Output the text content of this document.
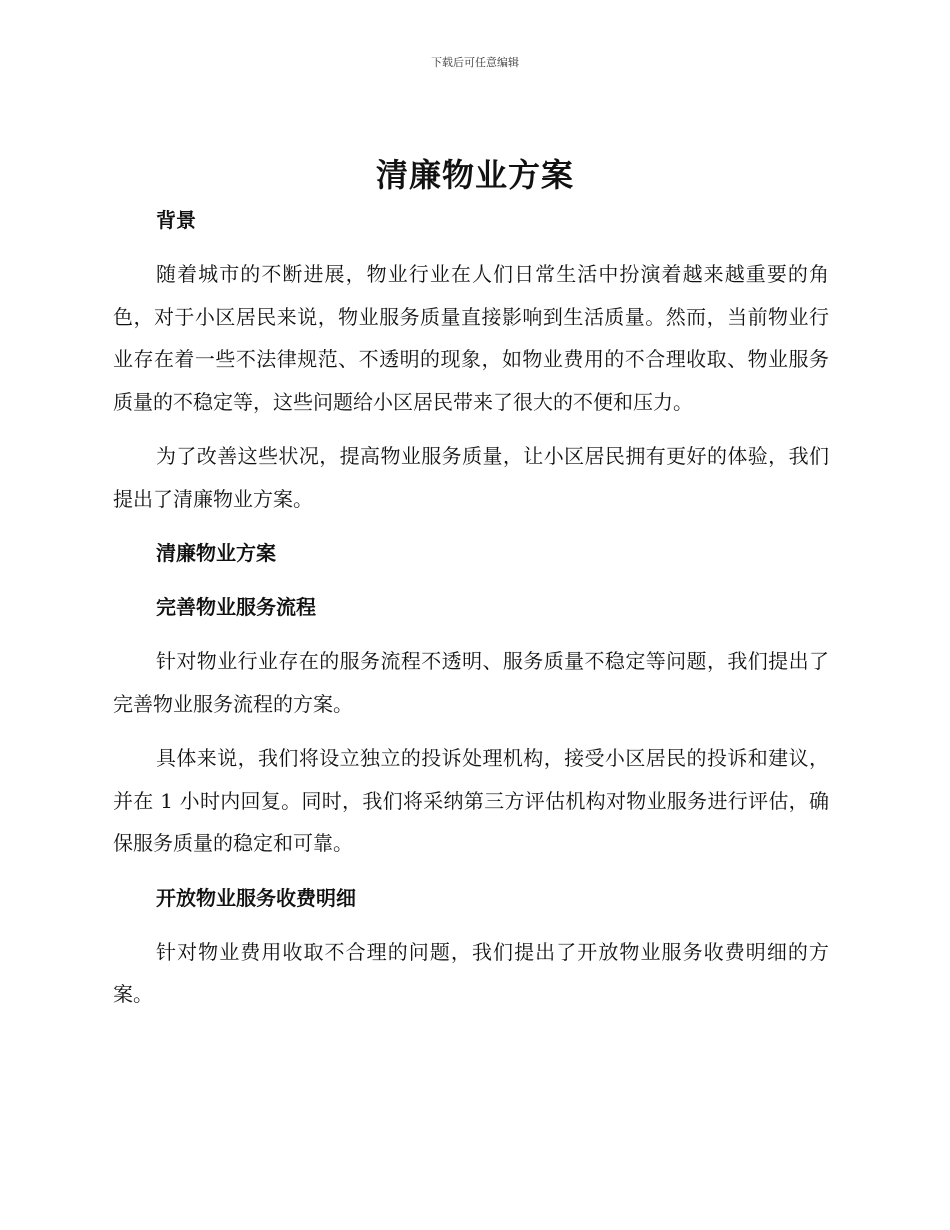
下载后可任意编辑
清廉物业方案
背景

随着城市的不断进展，物业行业在人们日常生活中扮演着越来越重要的角色，对于小区居民来说，物业服务质量直接影响到生活质量。然而，当前物业行业存在着一些不法律规范、不透明的现象，如物业费用的不合理收取、物业服务质量的不稳定等，这些问题给小区居民带来了很大的不便和压力。

为了改善这些状况，提高物业服务质量，让小区居民拥有更好的体验，我们提出了清廉物业方案。

清廉物业方案
完善物业服务流程

针对物业行业存在的服务流程不透明、服务质量不稳定等问题，我们提出了完善物业服务流程的方案。

具体来说，我们将设立独立的投诉处理机构，接受小区居民的投诉和建议，并在 1 小时内回复。同时，我们将采纳第三方评估机构对物业服务进行评估，确保服务质量的稳定和可靠。

开放物业服务收费明细

针对物业费用收取不合理的问题，我们提出了开放物业服务收费明细的方案。
